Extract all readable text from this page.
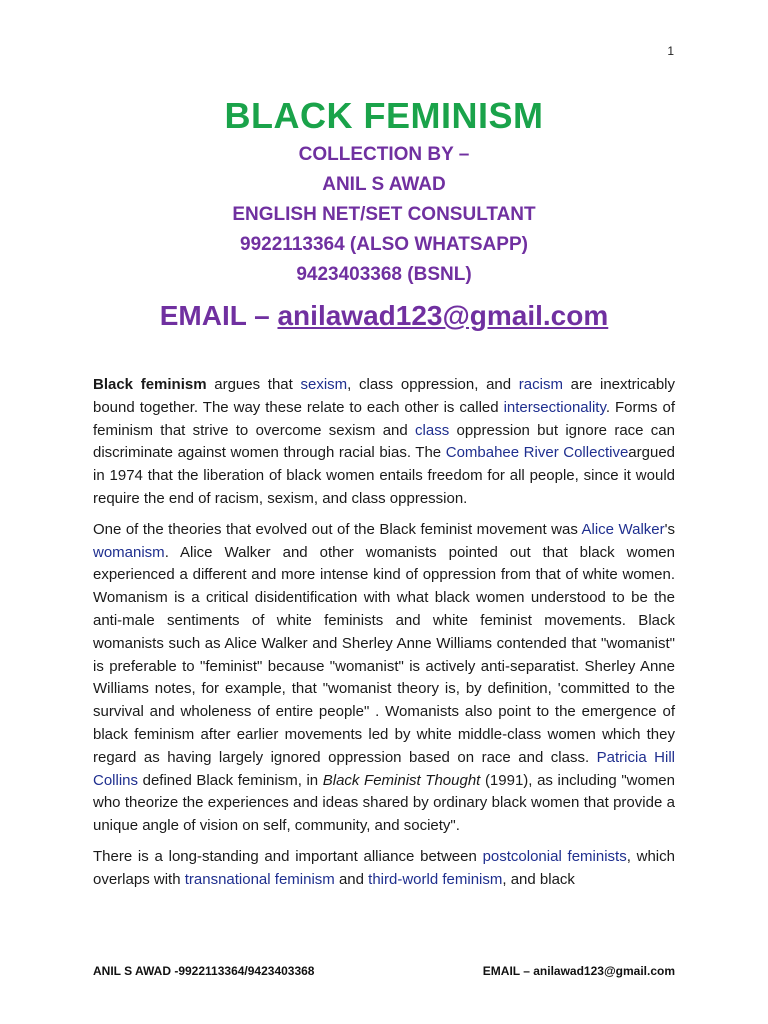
1
BLACK FEMINISM
COLLECTION BY –
ANIL S AWAD
ENGLISH NET/SET CONSULTANT
9922113364 (ALSO WHATSAPP)
9423403368 (BSNL)
EMAIL – anilawad123@gmail.com

Black feminism argues that sexism, class oppression, and racism are inextricably bound together. The way these relate to each other is called intersectionality. Forms of feminism that strive to overcome sexism and class oppression but ignore race can discriminate against women through racial bias. The Combahee River Collectiveargued in 1974 that the liberation of black women entails freedom for all people, since it would require the end of racism, sexism, and class oppression.

One of the theories that evolved out of the Black feminist movement was Alice Walker's womanism. Alice Walker and other womanists pointed out that black women experienced a different and more intense kind of oppression from that of white women. Womanism is a critical disidentification with what black women understood to be the anti-male sentiments of white feminists and white feminist movements. Black womanists such as Alice Walker and Sherley Anne Williams contended that "womanist" is preferable to "feminist" because "womanist" is actively anti-separatist. Sherley Anne Williams notes, for example, that "womanist theory is, by definition, 'committed to the survival and wholeness of entire people" . Womanists also point to the emergence of black feminism after earlier movements led by white middle-class women which they regard as having largely ignored oppression based on race and class. Patricia Hill Collins defined Black feminism, in Black Feminist Thought (1991), as including "women who theorize the experiences and ideas shared by ordinary black women that provide a unique angle of vision on self, community, and society".

There is a long-standing and important alliance between postcolonial feminists, which overlaps with transnational feminism and third-world feminism, and black

ANIL S AWAD -9922113364/9423403368	EMAIL – anilawad123@gmail.com
